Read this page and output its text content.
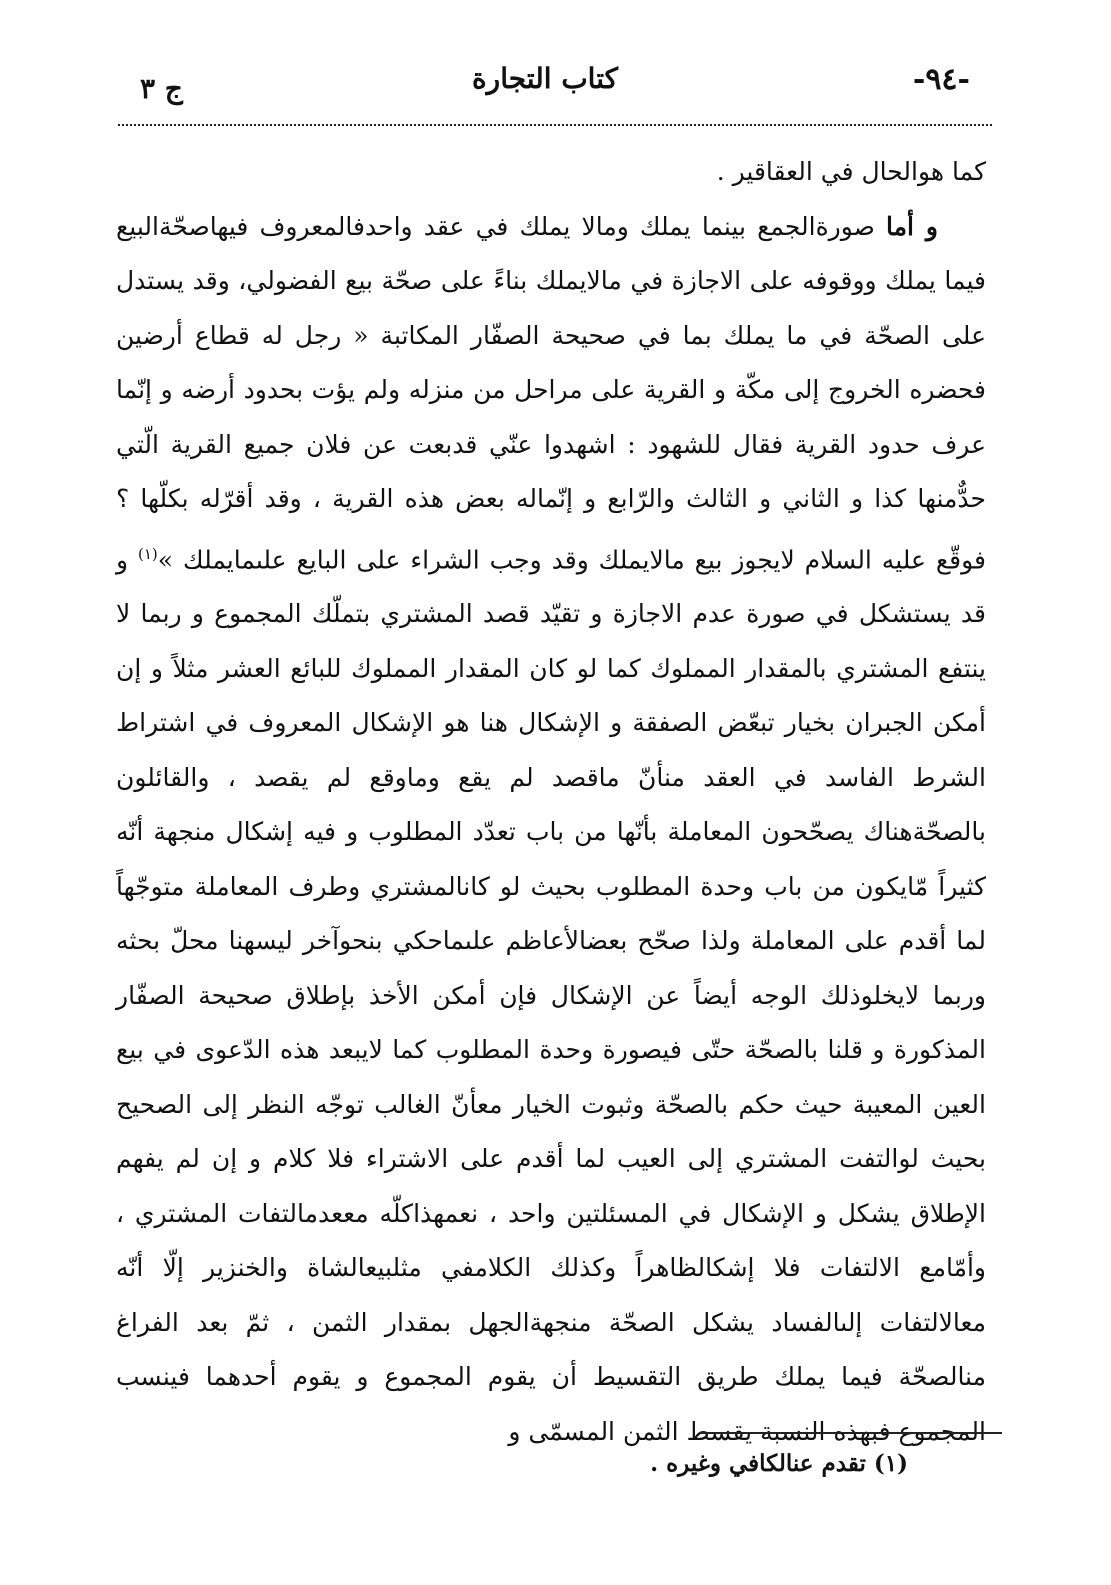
-٩٤-
كتاب التجارة
ج ٣

كما هوالحال في العقاقير .

و أما صورةالجمع بينما يملك ومالا يملك في عقد واحدفالمعروف فيهاصحّةالبيع فيما يملك ووقوفه على الاجازة في مالايملك بناءً على صحّة بيع الفضولي، وقد يستدل على الصحّة في ما يملك بما في صحيحة الصفّار المكاتبة « رجل له قطاع أرضين فحضره الخروج إلى مكّة و القرية على مراحل من منزله ولم يؤت بحدود أرضه و إنّما عرف حدود القرية فقال للشهود : اشهدوا عنّي قدبعت عن فلان جميع القرية الّتي حدٌّمنها كذا و الثاني و الثالث والرّابع و إنّماله بعض هذه القرية ، وقد أقرّله بكلّها ؟ فوقّع عليه السلام لايجوز بيع مالايملك وقد وجب الشراء على البايع علىمايملك »$^{(١)}$ و قد يستشكل في صورة عدم الاجازة و تقيّد قصد المشتري بتملّك المجموع و ربما لا ينتفع المشتري بالمقدار المملوك كما لو كان المقدار المملوك للبائع العشر مثلاً و إن أمكن الجبران بخيار تبعّض الصفقة و الإشكال هنا هو الإشكال المعروف في اشتراط الشرط الفاسد في العقد منأنّ ماقصد لم يقع وماوقع لم يقصد ، والقائلون بالصحّةهناك يصحّحون المعاملة بأنّها من باب تعدّد المطلوب و فيه إشكال منجهة أنّه كثيراً مّايكون من باب وحدة المطلوب بحيث لو كانالمشتري وطرف المعاملة متوجّهاً لما أقدم على المعاملة ولذا صحّح بعضالأعاظم علىماحكي بنحوآخر ليسهنا محلّ بحثه وربما لايخلوذلك الوجه أيضاً عن الإشكال فإن أمكن الأخذ بإطلاق صحيحة الصفّار المذكورة و قلنا بالصحّة حتّى فيصورة وحدة المطلوب كما لايبعد هذه الدّعوى في بيع العين المعيبة حيث حكم بالصحّة وثبوت الخيار معأنّ الغالب توجّه النظر إلى الصحيح بحيث لوالتفت المشتري إلى العيب لما أقدم على الاشتراء فلا كلام و إن لم يفهم الإطلاق يشكل و الإشكال في المسئلتين واحد ، نعمهذاكلّه مععدمالتفات المشتري ، وأمّامع الالتفات فلا إشكالظاهراً وكذلك الكلامفي مثلبيعالشاة والخنزير إلّا أنّه معالالتفات إلىالفساد يشكل الصحّة منجهةالجهل بمقدار الثمن ، ثمّ بعد الفراغ منالصحّة فيما يملك طريق التقسيط أن يقوم المجموع و يقوم أحدهما فينسب المجموع فبهذه النسبة يقسط الثمن المسمّى و

(١) تقدم عنالكافي وغيره .
